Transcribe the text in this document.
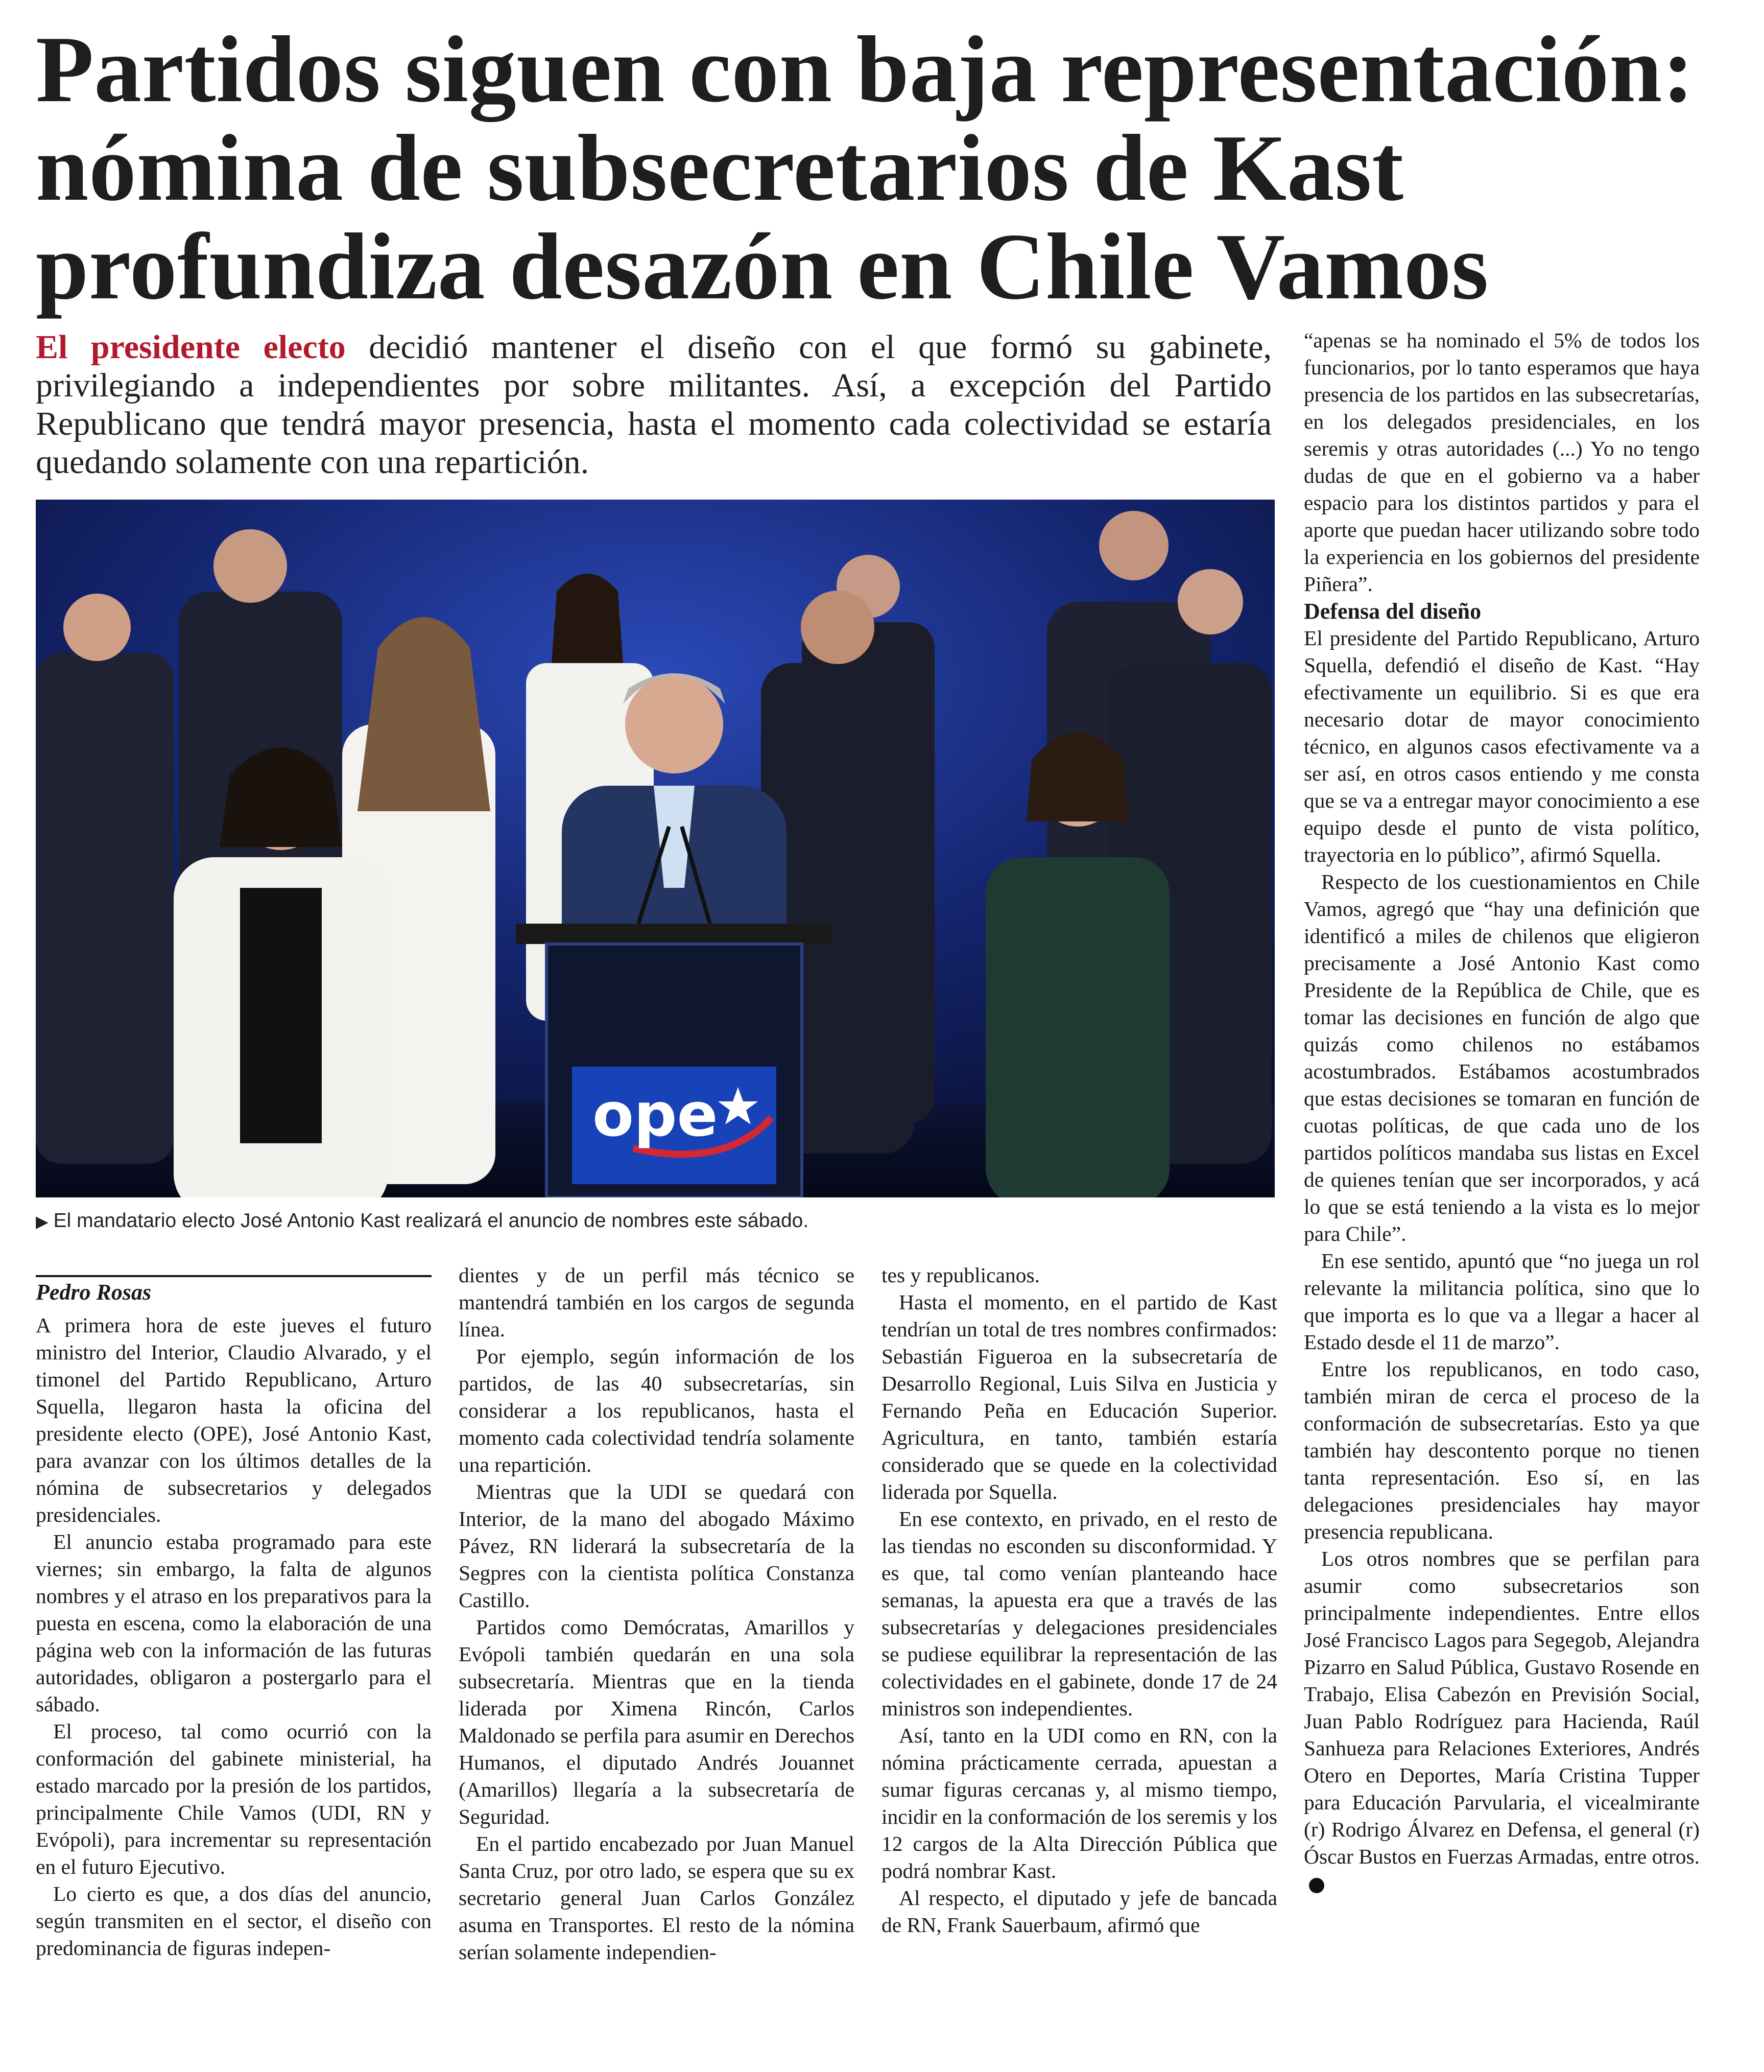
Partidos siguen con baja representación:
nómina de subsecretarios de Kast
profundiza desazón en Chile Vamos
El presidente electo decidió mantener el diseño con el que formó su gabinete, privilegiando a independientes por sobre militantes. Así, a excepción del Partido Republicano que tendrá mayor presencia, hasta el momento cada colectividad se estaría quedando solamente con una repartición.
ope
▶ El mandatario electo José Antonio Kast realizará el anuncio de nombres este sábado.
Pedro Rosas

A primera hora de este jueves el futuro ministro del Interior, Claudio Alvarado, y el timonel del Partido Republicano, Arturo Squella, llegaron hasta la oficina del presidente electo (OPE), José Antonio Kast, para avanzar con los últimos detalles de la nómina de subsecretarios y delegados presidenciales.

El anuncio estaba programado para este viernes; sin embargo, la falta de algunos nombres y el atraso en los preparativos para la puesta en escena, como la elaboración de una página web con la información de las futuras autoridades, obligaron a postergarlo para el sábado.

El proceso, tal como ocurrió con la conformación del gabinete ministerial, ha estado marcado por la presión de los partidos, principalmente Chile Vamos (UDI, RN y Evópoli), para incrementar su representación en el futuro Ejecutivo.

Lo cierto es que, a dos días del anuncio, según transmiten en el sector, el diseño con predominancia de figuras indepen-

dientes y de un perfil más técnico se mantendrá también en los cargos de segunda línea.

Por ejemplo, según información de los partidos, de las 40 subsecretarías, sin considerar a los republicanos, hasta el momento cada colectividad tendría solamente una repartición.

Mientras que la UDI se quedará con Interior, de la mano del abogado Máximo Pávez, RN liderará la subsecretaría de la Segpres con la cientista política Constanza Castillo.

Partidos como Demócratas, Amarillos y Evópoli también quedarán en una sola subsecretaría. Mientras que en la tienda liderada por Ximena Rincón, Carlos Maldonado se perfila para asumir en Derechos Humanos, el diputado Andrés Jouannet (Amarillos) llegaría a la subsecretaría de Seguridad.

En el partido encabezado por Juan Manuel Santa Cruz, por otro lado, se espera que su ex secretario general Juan Carlos González asuma en Transportes. El resto de la nómina serían solamente independien-

tes y republicanos.

Hasta el momento, en el partido de Kast tendrían un total de tres nombres confirmados: Sebastián Figueroa en la subsecretaría de Desarrollo Regional, Luis Silva en Justicia y Fernando Peña en Educación Superior. Agricultura, en tanto, también estaría considerado que se quede en la colectividad liderada por Squella.

En ese contexto, en privado, en el resto de las tiendas no esconden su disconformidad. Y es que, tal como venían planteando hace semanas, la apuesta era que a través de las subsecretarías y delegaciones presidenciales se pudiese equilibrar la representación de las colectividades en el gabinete, donde 17 de 24 ministros son independientes.

Así, tanto en la UDI como en RN, con la nómina prácticamente cerrada, apuestan a sumar figuras cercanas y, al mismo tiempo, incidir en la conformación de los seremis y los 12 cargos de la Alta Dirección Pública que podrá nombrar Kast.

Al respecto, el diputado y jefe de bancada de RN, Frank Sauerbaum, afirmó que

“apenas se ha nominado el 5% de todos los funcionarios, por lo tanto esperamos que haya presencia de los partidos en las subsecretarías, en los delegados presidenciales, en los seremis y otras autoridades (...) Yo no tengo dudas de que en el gobierno va a haber espacio para los distintos partidos y para el aporte que puedan hacer utilizando sobre todo la experiencia en los gobiernos del presidente Piñera”.

Defensa del diseño

El presidente del Partido Republicano, Arturo Squella, defendió el diseño de Kast. “Hay efectivamente un equilibrio. Si es que era necesario dotar de mayor conocimiento técnico, en algunos casos efectivamente va a ser así, en otros casos entiendo y me consta que se va a entregar mayor conocimiento a ese equipo desde el punto de vista político, trayectoria en lo público”, afirmó Squella.

Respecto de los cuestionamientos en Chile Vamos, agregó que “hay una definición que identificó a miles de chilenos que eligieron precisamente a José Antonio Kast como Presidente de la República de Chile, que es tomar las decisiones en función de algo que quizás como chilenos no estábamos acostumbrados. Estábamos acostumbrados que estas decisiones se tomaran en función de cuotas políticas, de que cada uno de los partidos políticos mandaba sus listas en Excel de quienes tenían que ser incorporados, y acá lo que se está teniendo a la vista es lo mejor para Chile”.

En ese sentido, apuntó que “no juega un rol relevante la militancia política, sino que lo que importa es lo que va a llegar a hacer al Estado desde el 11 de marzo”.

Entre los republicanos, en todo caso, también miran de cerca el proceso de la conformación de subsecretarías. Esto ya que también hay descontento porque no tienen tanta representación. Eso sí, en las delegaciones presidenciales hay mayor presencia republicana.

Los otros nombres que se perfilan para asumir como subsecretarios son principalmente independientes. Entre ellos José Francisco Lagos para Segegob, Alejandra Pizarro en Salud Pública, Gustavo Rosende en Trabajo, Elisa Cabezón en Previsión Social, Juan Pablo Rodríguez para Hacienda, Raúl Sanhueza para Relaciones Exteriores, Andrés Otero en Deportes, María Cristina Tupper para Educación Parvularia, el vicealmirante (r) Rodrigo Álvarez en Defensa, el general (r) Óscar Bustos en Fuerzas Armadas, entre otros.
